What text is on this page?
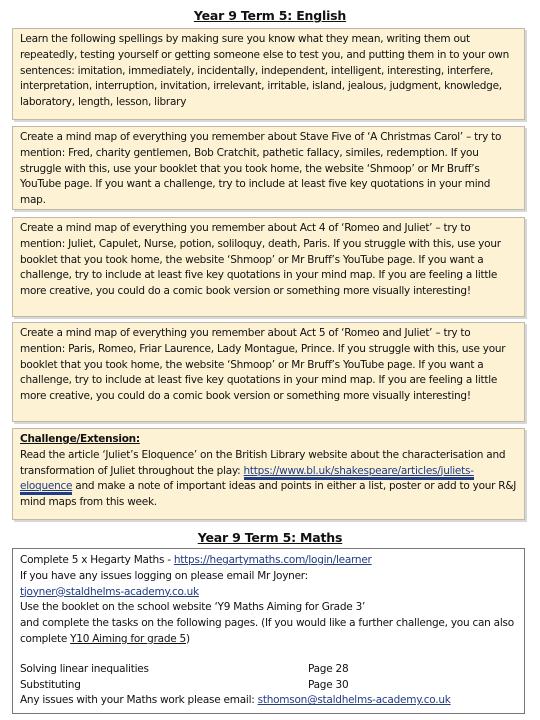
Year 9 Term 5: English

Learn the following spellings by making sure you know what they mean, writing them out repeatedly, testing yourself or getting someone else to test you, and putting them in to your own sentences: imitation, immediately, incidentally, independent, intelligent, interesting, interfere, interpretation, interruption, invitation, irrelevant, irritable, island, jealous, judgment, knowledge, laboratory, length, lesson, library

Create a mind map of everything you remember about Stave Five of ‘A Christmas Carol’ – try to mention: Fred, charity gentlemen, Bob Cratchit, pathetic fallacy, similes, redemption. If you struggle with this, use your booklet that you took home, the website ‘Shmoop’ or Mr Bruff’s YouTube page. If you want a challenge, try to include at least five key quotations in your mind map.

Create a mind map of everything you remember about Act 4 of ‘Romeo and Juliet’ – try to mention: Juliet, Capulet, Nurse, potion, soliloquy, death, Paris. If you struggle with this, use your booklet that you took home, the website ‘Shmoop’ or Mr Bruff’s YouTube page. If you want a challenge, try to include at least five key quotations in your mind map. If you are feeling a little more creative, you could do a comic book version or something more visually interesting!

Create a mind map of everything you remember about Act 5 of ‘Romeo and Juliet’ – try to mention: Paris, Romeo, Friar Laurence, Lady Montague, Prince. If you struggle with this, use your booklet that you took home, the website ‘Shmoop’ or Mr Bruff’s YouTube page. If you want a challenge, try to include at least five key quotations in your mind map. If you are feeling a little more creative, you could do a comic book version or something more visually interesting!

Challenge/Extension:

Read the article ‘Juliet’s Eloquence’ on the British Library website about the characterisation and transformation of Juliet throughout the play: https://www.bl.uk/shakespeare/articles/juliets-eloquence and make a note of important ideas and points in either a list, poster or add to your R&J mind maps from this week.

Year 9 Term 5: Maths

Complete 5 x Hegarty Maths - https://hegartymaths.com/login/learner

If you have any issues logging on please email Mr Joyner:

tjoyner@staldhelms-academy.co.uk

Use the booklet on the school website ‘Y9 Maths Aiming for Grade 3’

and complete the tasks on the following pages. (If you would like a further challenge, you can also complete Y10 Aiming for grade 5)

Solving linear inequalities	Page 28
Substituting	Page 30

Any issues with your Maths work please email: sthomson@staldhelms-academy.co.uk
